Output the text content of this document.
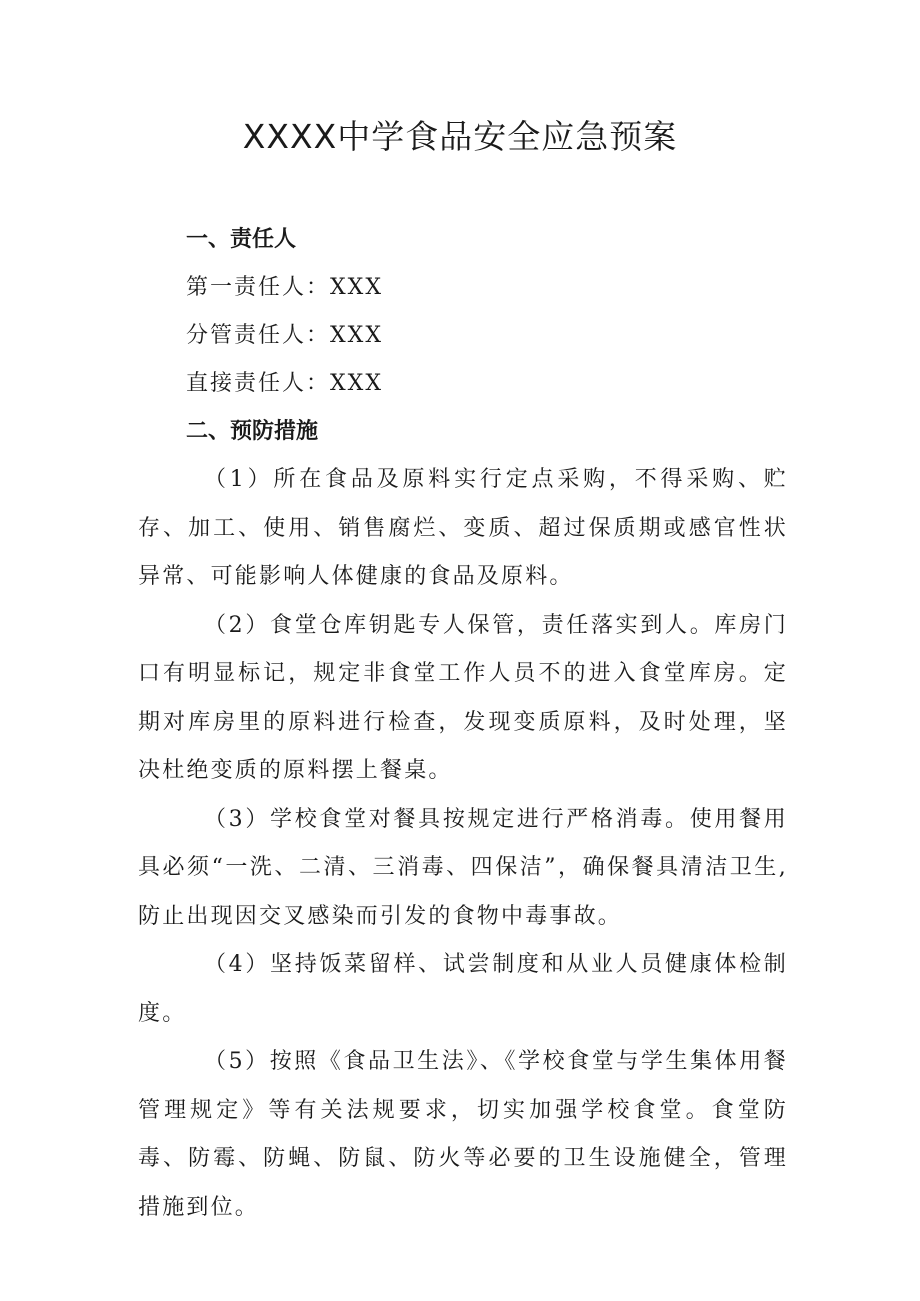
XXXX中学食品安全应急预案
一、责任人
第一责任人：XXX
分管责任人：XXX
直接责任人：XXX
二、预防措施

（1）所在食品及原料实行定点采购，不得采购、贮存、加工、使用、销售腐烂、变质、超过保质期或感官性状异常、可能影响人体健康的食品及原料。

（2）食堂仓库钥匙专人保管，责任落实到人。库房门口有明显标记，规定非食堂工作人员不的进入食堂库房。定期对库房里的原料进行检查，发现变质原料，及时处理，坚决杜绝变质的原料摆上餐桌。

（3）学校食堂对餐具按规定进行严格消毒。使用餐用具必须“一洗、二清、三消毒、四保洁”，确保餐具清洁卫生,防止出现因交叉感染而引发的食物中毒事故。

（4）坚持饭菜留样、试尝制度和从业人员健康体检制度。

（5）按照《食品卫生法》、《学校食堂与学生集体用餐管理规定》等有关法规要求，切实加强学校食堂。食堂防毒、防霉、防蝇、防鼠、防火等必要的卫生设施健全，管理措施到位。
